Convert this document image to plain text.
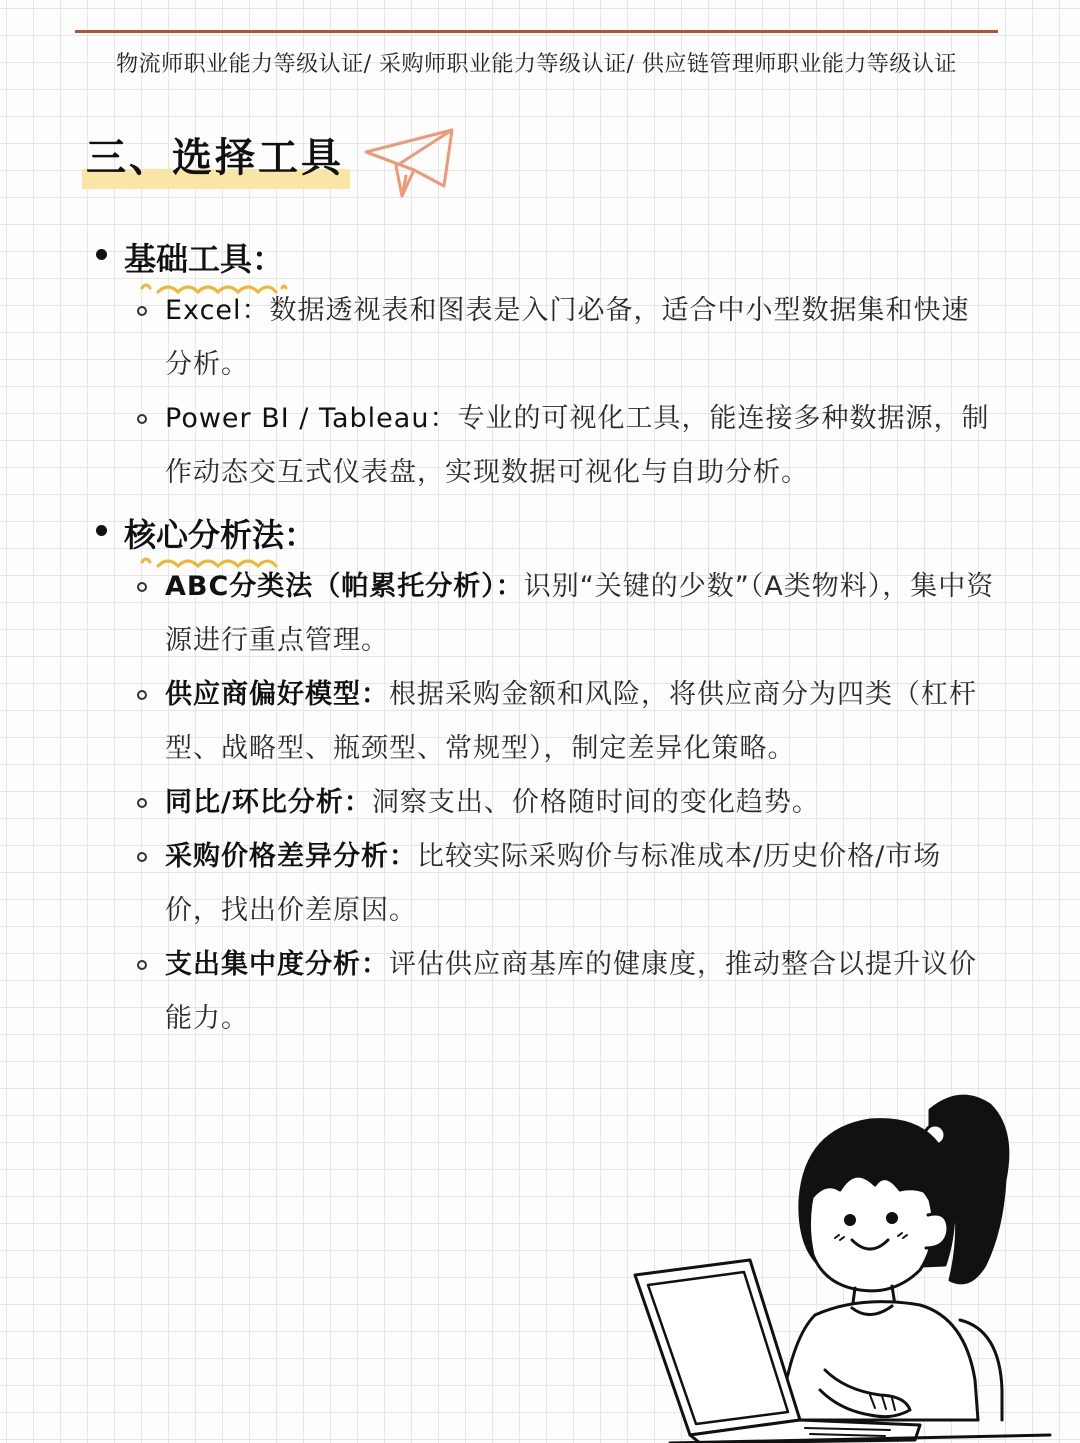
物流师职业能力等级认证/ 采购师职业能力等级认证/ 供应链管理师职业能力等级认证
三、选择工具
基础工具：

Excel：数据透视表和图表是入门必备，适合中小型数据集和快速分析。

Power BI / Tableau：专业的可视化工具，能连接多种数据源，制作动态交互式仪表盘，实现数据可视化与自助分析。

核心分析法：

ABC分类法（帕累托分析）：识别“关键的少数”（A类物料），集中资源进行重点管理。

供应商偏好模型：根据采购金额和风险，将供应商分为四类（杠杆型、战略型、瓶颈型、常规型），制定差异化策略。

同比/环比分析：洞察支出、价格随时间的变化趋势。

采购价格差异分析：比较实际采购价与标准成本/历史价格/市场价，找出价差原因。

支出集中度分析：评估供应商基库的健康度，推动整合以提升议价能力。
